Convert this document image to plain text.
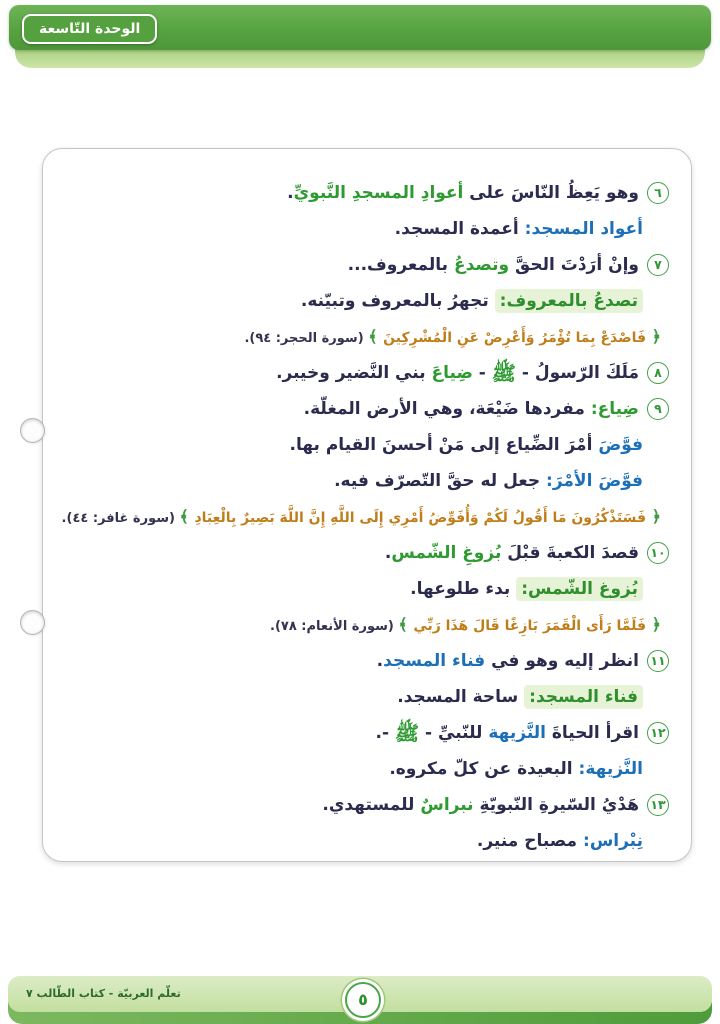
الوحدة التّاسعة
٦وهو يَعِظُ النّاسَ على أعوادِ المسجدِ النَّبويِّ.
أعواد المسجد: أعمدة المسجد.
٧وإنْ أرَدْتَ الحقَّ وتصدعُ بالمعروف...
تصدعُ بالمعروف: تجهرُ بالمعروف وتبيّنه.
﴿ فَاصْدَعْ بِمَا تُؤْمَرُ وَأَعْرِضْ عَنِ الْمُشْرِكِينَ ﴾ (سورة الحجر: ٩٤).
٨مَلَكَ الرّسولُ - ﷺ - ضِياعَ بني النَّضير وخيبر.
٩ضِياع: مفردها ضَيْعَة، وهي الأرض المغلّة.
فوَّضَ أمْرَ الضِّياع إلى مَنْ أحسنَ القيام بها.
فوَّضَ الأمْرَ: جعل له حقَّ التّصرّف فيه.
﴿ فَسَتَذْكُرُونَ مَا أَقُولُ لَكُمْ وَأُفَوِّضُ أَمْرِي إِلَى اللَّهِ إِنَّ اللَّهَ بَصِيرٌ بِالْعِبَادِ ﴾ (سورة غافر: ٤٤).
١٠قصدَ الكعبةَ قبْلَ بُزوغِ الشّمس.
بُزوغ الشّمس: بدء طلوعها.
﴿ فَلَمَّا رَأَى الْقَمَرَ بَازِغًا قَالَ هَذَا رَبِّي ﴾ (سورة الأنعام: ٧٨).
١١انظر إليه وهو في فناء المسجد.
فناء المسجد: ساحة المسجد.
١٢اقرأ الحياةَ النَّزيهة للنّبيِّ - ﷺ -.
النَّزيهة: البعيدة عن كلّ مكروه.
١٣هَدْيُ السّيرةِ النّبويّةِ نبراسٌ للمستهدي.
نِبْراس: مصباح منير.
تعلّم العربيّة - كتاب الطّالب ٧	٥
